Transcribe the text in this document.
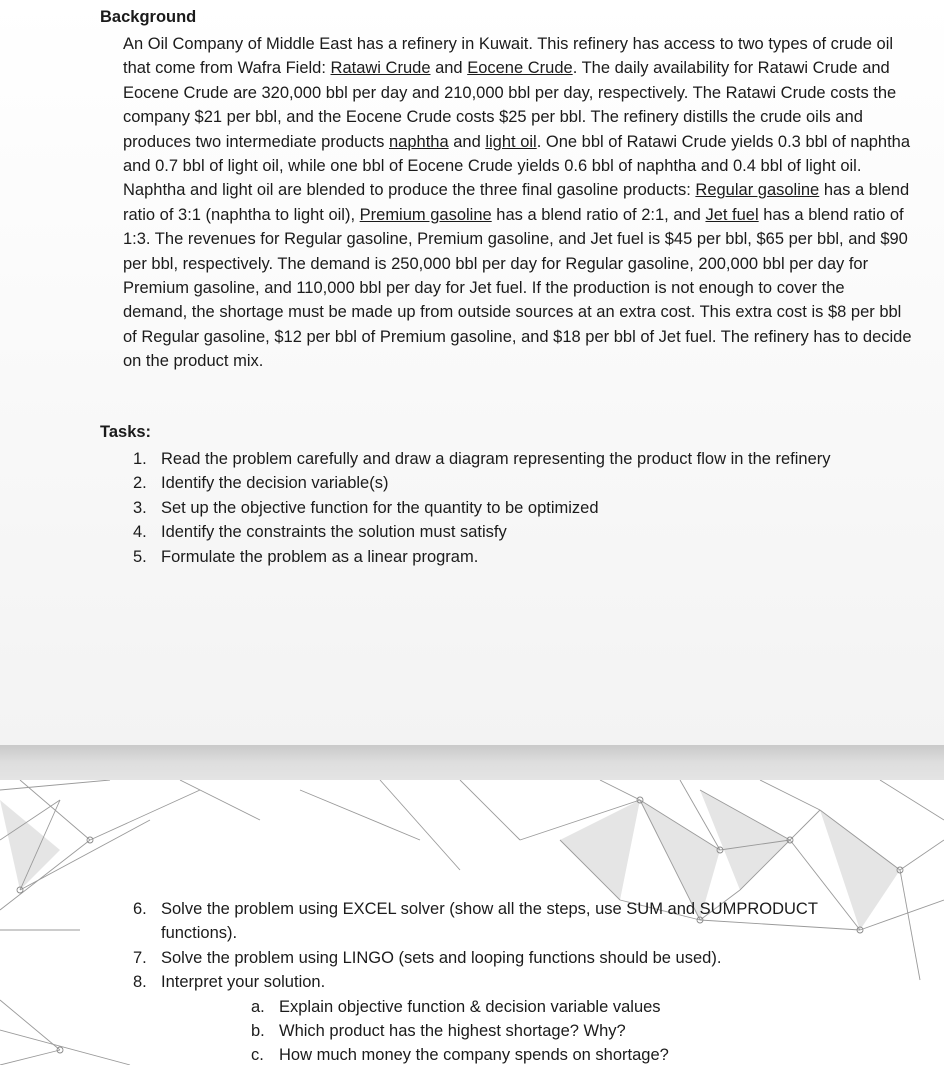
Background

An Oil Company of Middle East has a refinery in Kuwait. This refinery has access to two types of crude oil that come from Wafra Field: Ratawi Crude and Eocene Crude. The daily availability for Ratawi Crude and Eocene Crude are 320,000 bbl per day and 210,000 bbl per day, respectively. The Ratawi Crude costs the company $21 per bbl, and the Eocene Crude costs $25 per bbl. The refinery distills the crude oils and produces two intermediate products naphtha and light oil. One bbl of Ratawi Crude yields 0.3 bbl of naphtha and 0.7 bbl of light oil, while one bbl of Eocene Crude yields 0.6 bbl of naphtha and 0.4 bbl of light oil. Naphtha and light oil are blended to produce the three final gasoline products: Regular gasoline has a blend ratio of 3:1 (naphtha to light oil), Premium gasoline has a blend ratio of 2:1, and Jet fuel has a blend ratio of 1:3. The revenues for Regular gasoline, Premium gasoline, and Jet fuel is $45 per bbl, $65 per bbl, and $90 per bbl, respectively. The demand is 250,000 bbl per day for Regular gasoline, 200,000 bbl per day for Premium gasoline, and 110,000 bbl per day for Jet fuel. If the production is not enough to cover the demand, the shortage must be made up from outside sources at an extra cost. This extra cost is $8 per bbl of Regular gasoline, $12 per bbl of Premium gasoline, and $18 per bbl of Jet fuel. The refinery has to decide on the product mix.

Tasks:
1. Read the problem carefully and draw a diagram representing the product flow in the refinery
2. Identify the decision variable(s)
3. Set up the objective function for the quantity to be optimized
4. Identify the constraints the solution must satisfy
5. Formulate the problem as a linear program.
6. Solve the problem using EXCEL solver (show all the steps, use SUM and SUMPRODUCT functions).
7. Solve the problem using LINGO (sets and looping functions should be used).
8. Interpret your solution.
a. Explain objective function & decision variable values
b. Which product has the highest shortage? Why?
c. How much money the company spends on shortage?
